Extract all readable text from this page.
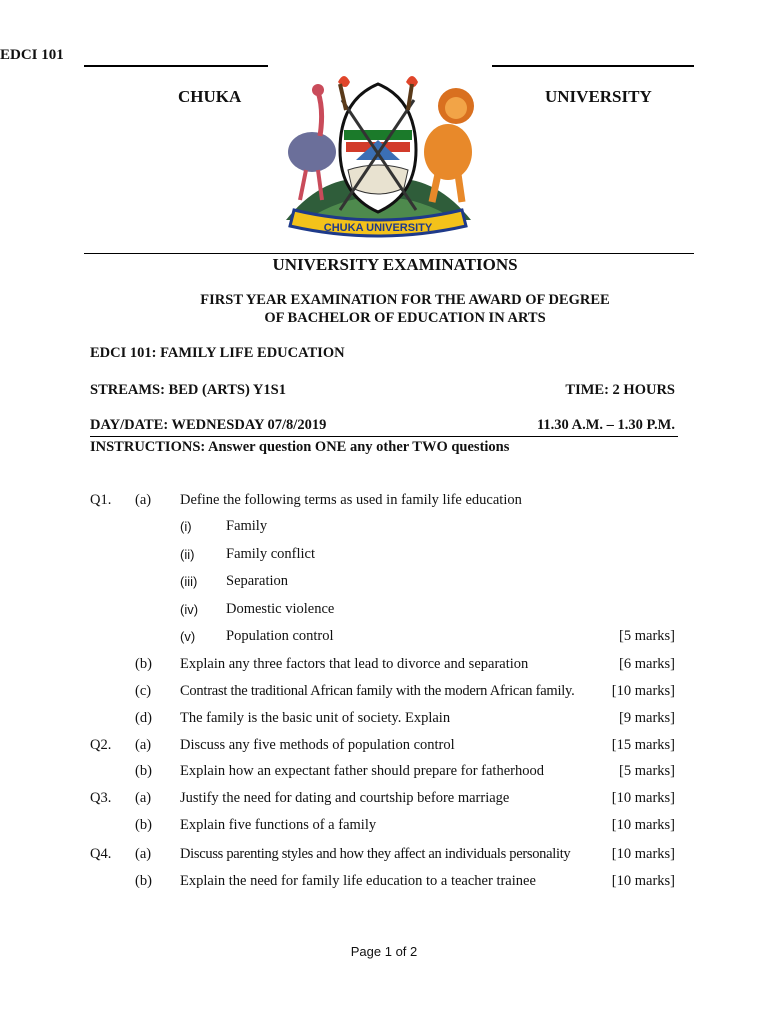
EDCI 101
CHUKA	UNIVERSITY
CHUKA UNIVERSITY
UNIVERSITY EXAMINATIONS
FIRST YEAR EXAMINATION FOR THE AWARD OF DEGREE
OF BACHELOR OF EDUCATION IN ARTS
EDCI 101: FAMILY LIFE EDUCATION
STREAMS: BED (ARTS) Y1S1	TIME: 2 HOURS
DAY/DATE: WEDNESDAY 07/8/2019	11.30 A.M. – 1.30 P.M.
INSTRUCTIONS: Answer question ONE any other TWO questions
Q1. (a) Define the following terms as used in family life education
(i) Family
(ii) Family conflict
(iii) Separation
(iv) Domestic violence
(v) Population control	[5 marks]
(b) Explain any three factors that lead to divorce and separation	[6 marks]
(c) Contrast the traditional African family with the modern African family.	[10 marks]
(d) The family is the basic unit of society. Explain	[9 marks]
Q2. (a) Discuss any five methods of population control	[15 marks]
(b) Explain how an expectant father should prepare for fatherhood	[5 marks]
Q3. (a) Justify the need for dating and courtship before marriage	[10 marks]
(b) Explain five functions of a family	[10 marks]
Q4. (a) Discuss parenting styles and how they affect an individuals personality	[10 marks]
(b) Explain the need for family life education to a teacher trainee	[10 marks]
Page 1 of 2
